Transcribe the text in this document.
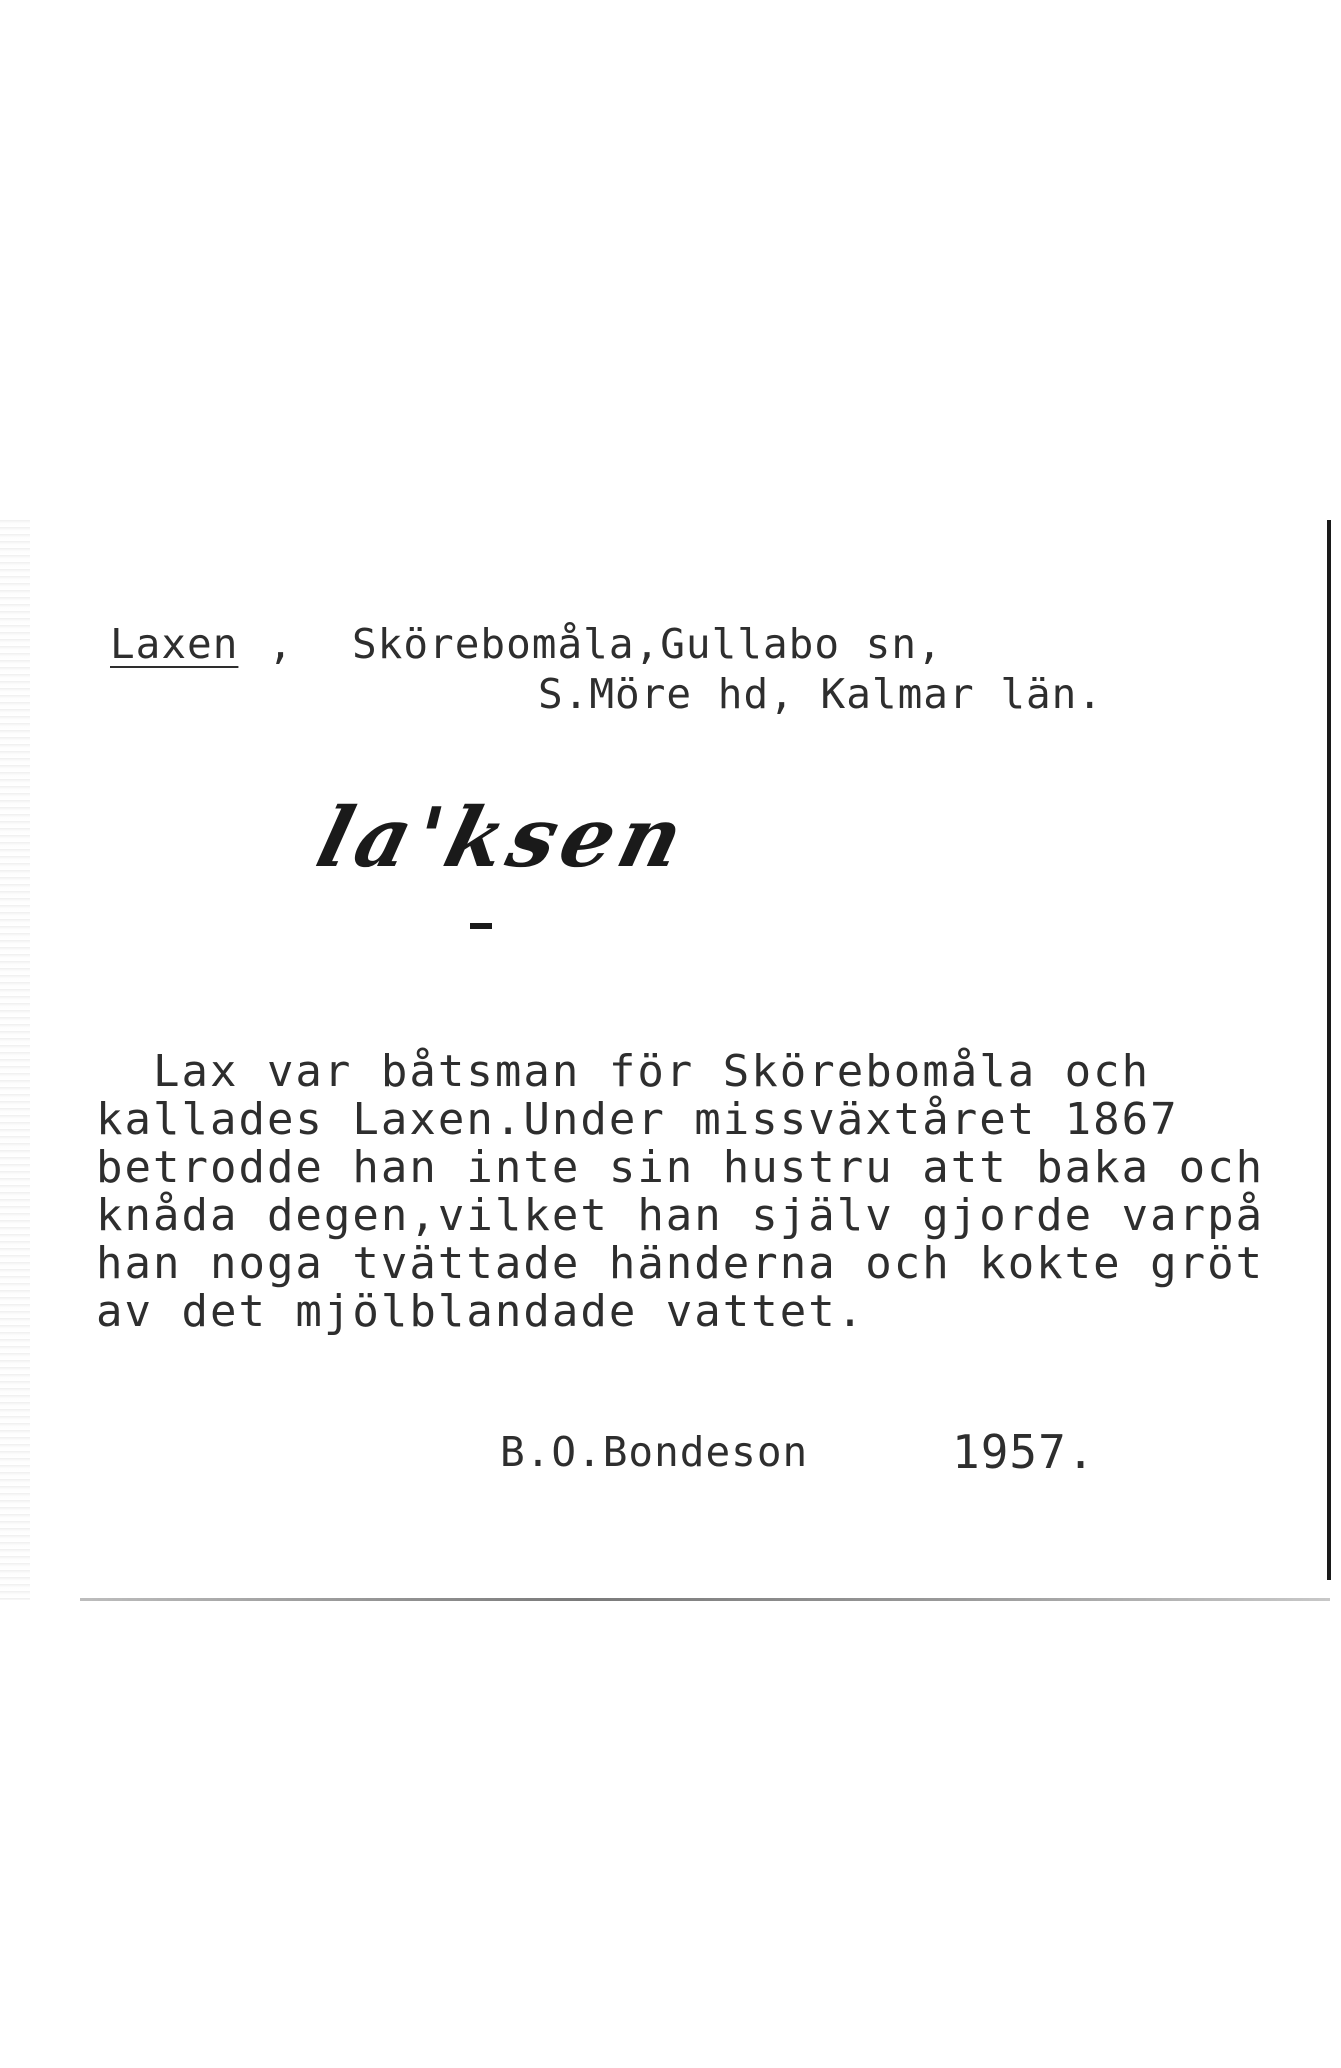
Laxen , Skörebomåla,Gullabo sn,
S.Möre hd, Kalmar län.
la'ksen
Lax var båtsman för Skörebomåla och
kallades Laxen.Under missväxtåret 1867
betrodde han inte sin hustru att baka och
knåda degen,vilket han själv gjorde varpå
han noga tvättade händerna och kokte gröt
av det mjölblandade vattet.
B.O.Bondeson	1957.
